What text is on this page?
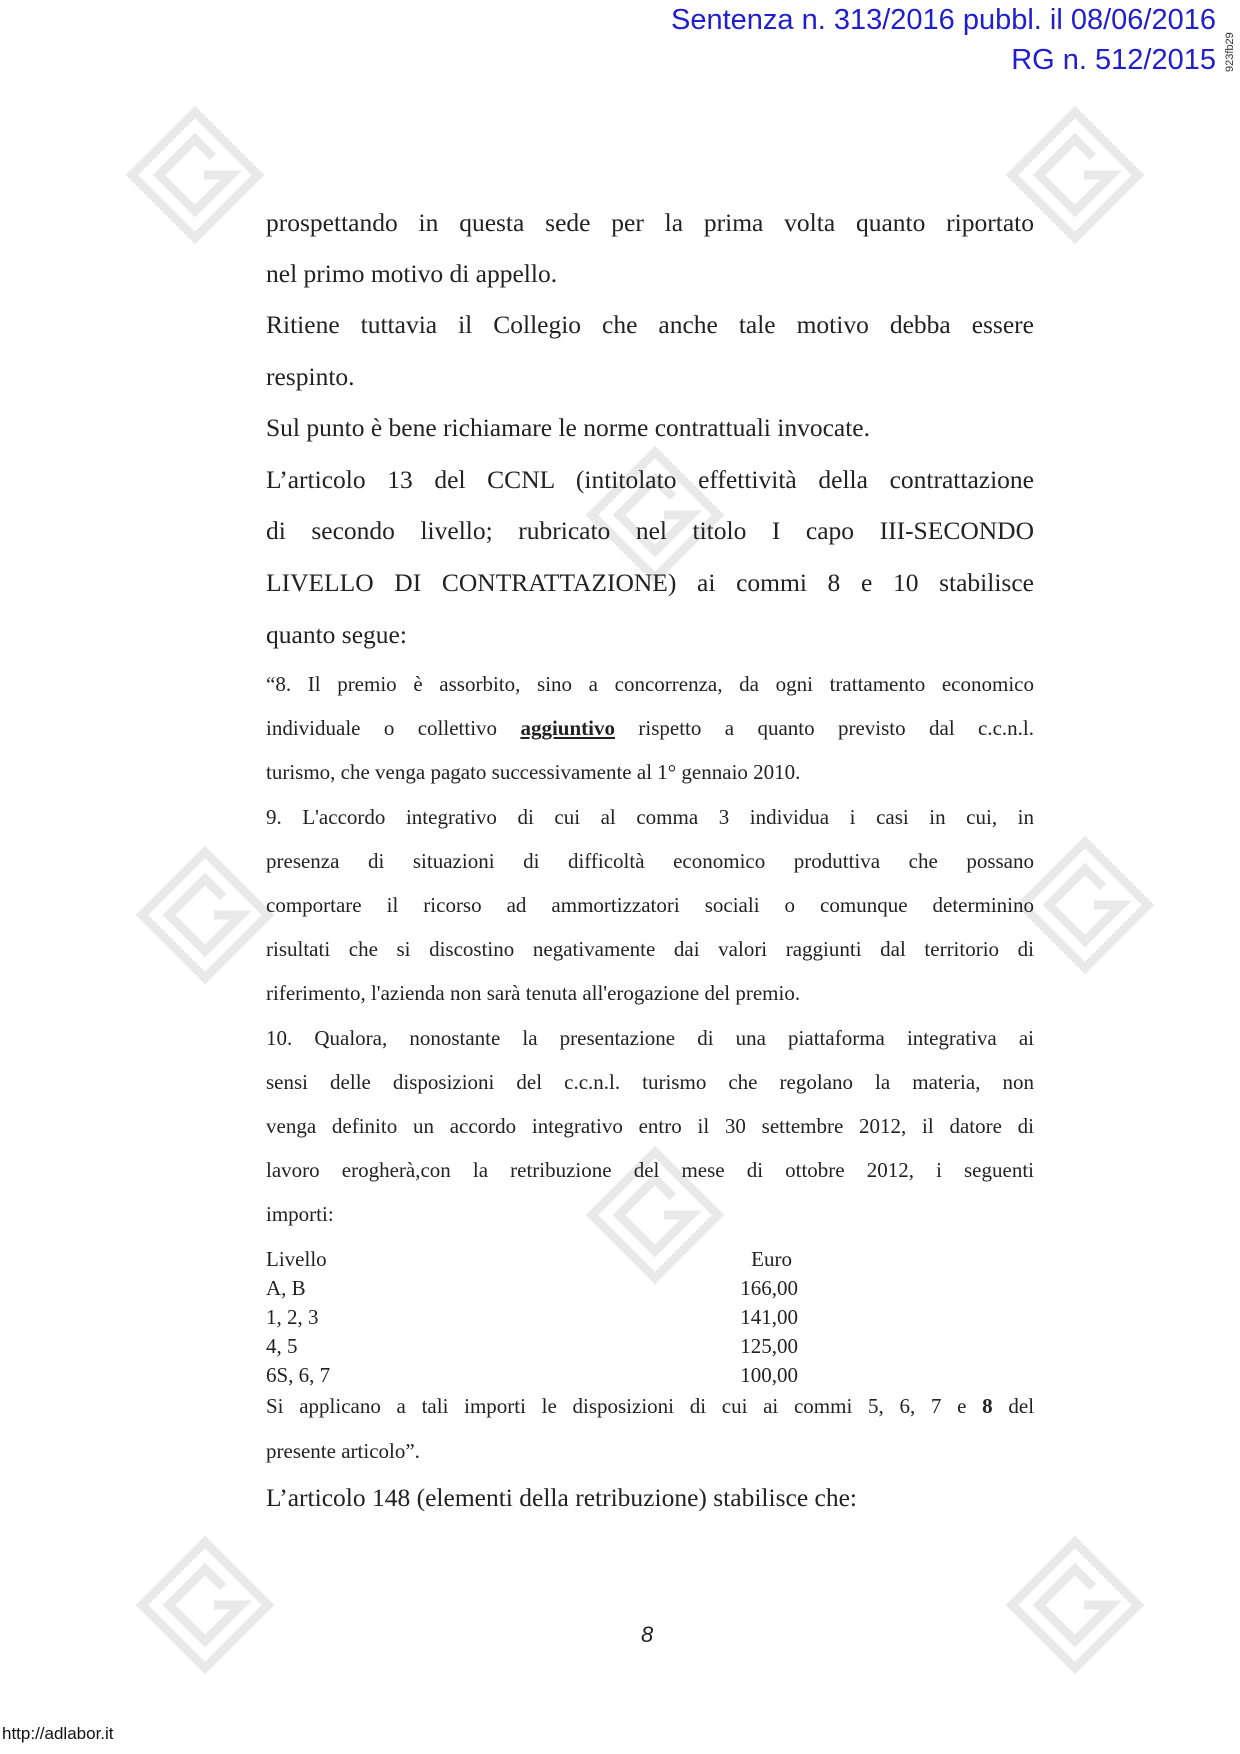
Sentenza n. 313/2016 pubbl. il 08/06/2016
RG n. 512/2015 923fb29
prospettando in questa sede per la prima volta quanto riportato
nel primo motivo di appello.
Ritiene tuttavia il Collegio che anche tale motivo debba essere
respinto.
Sul punto è bene richiamare le norme contrattuali invocate.
L’articolo 13 del CCNL (intitolato effettività della contrattazione
di secondo livello; rubricato nel titolo I capo III-SECONDO
LIVELLO DI CONTRATTAZIONE) ai commi 8 e 10 stabilisce
quanto segue:
“8. Il premio è assorbito, sino a concorrenza, da ogni trattamento economico
individuale o collettivo aggiuntivo rispetto a quanto previsto dal c.c.n.l.
turismo, che venga pagato successivamente al 1° gennaio 2010.
9. L'accordo integrativo di cui al comma 3 individua i casi in cui, in
presenza di situazioni di difficoltà economico produttiva che possano
comportare il ricorso ad ammortizzatori sociali o comunque determinino
risultati che si discostino negativamente dai valori raggiunti dal territorio di
riferimento, l'azienda non sarà tenuta all'erogazione del premio.
10. Qualora, nonostante la presentazione di una piattaforma integrativa ai
sensi delle disposizioni del c.c.n.l. turismo che regolano la materia, non
venga definito un accordo integrativo entro il 30 settembre 2012, il datore di
lavoro erogherà,con la retribuzione del mese di ottobre 2012, i seguenti
importi:
Livello	Euro
A, B	166,00
1, 2, 3	141,00
4, 5	125,00
6S, 6, 7	100,00
Si applicano a tali importi le disposizioni di cui ai commi 5, 6, 7 e 8 del
presente articolo”.
L’articolo 148 (elementi della retribuzione) stabilisce che:
8
http://adlabor.it
